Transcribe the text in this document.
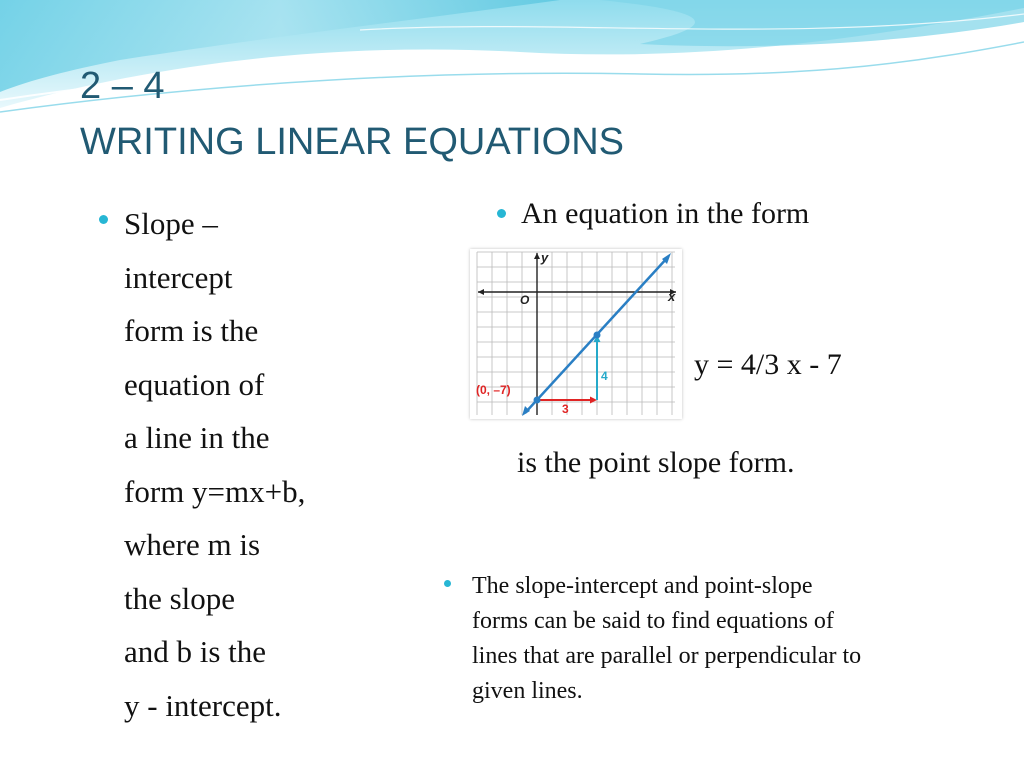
2 – 4
WRITING LINEAR EQUATIONS
Slope –
intercept
form is the
equation of
a line in the
form y=mx+b,
where m is
the slope
and b is the
y - intercept.
An equation in the form
x
y
O
3
4
(0, –7)
y = 4/3 x - 7
is the point slope form.
The slope-intercept and point-slope
forms can be said to find equations of
lines that are parallel or perpendicular to
given lines.
